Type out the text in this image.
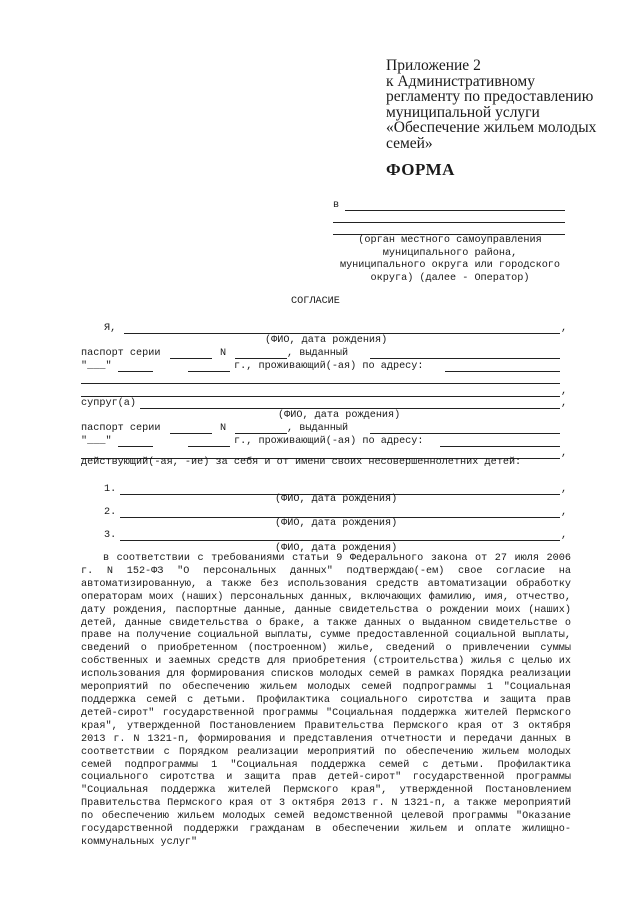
Приложение 2
к Административному
регламенту по предоставлению
муниципальной услуги
«Обеспечение жильем молодых
семей»
ФОРМА
в
(орган местного самоуправления
муниципального района,
муниципального округа или городского
округа) (далее - Оператор)
СОГЛАСИЕ
Я,	,
(ФИО, дата рождения)
паспорт серии	N	, выданный
"___"	г., проживающий(-ая) по адресу:
,
супруг(а)	,
(ФИО, дата рождения)
паспорт серии	N	, выданный
"___"	г., проживающий(-ая) по адресу:
,
действующий(-ая, -ие) за себя и от имени своих несовершеннолетних детей:
1.	,
(ФИО, дата рождения)
2.	,
(ФИО, дата рождения)
3.	,
(ФИО, дата рождения)
в соответствии с требованиями статьи 9 Федерального закона от 27 июля 2006 г. N 152-ФЗ "О персональных данных" подтверждаю(-ем) свое согласие на автоматизированную, а также без использования средств автоматизации обработку операторам моих (наших) персональных данных, включающих фамилию, имя, отчество, дату рождения, паспортные данные, данные свидетельства о рождении моих (наших) детей, данные свидетельства о браке, а также данных о выданном свидетельстве о праве на получение социальной выплаты, сумме предоставленной социальной выплаты, сведений о приобретенном (построенном) жилье, сведений о привлечении суммы собственных и заемных средств для приобретения (строительства) жилья с целью их использования для формирования списков молодых семей в рамках Порядка реализации мероприятий по обеспечению жильем молодых семей подпрограммы 1 "Социальная поддержка семей с детьми. Профилактика социального сиротства и защита прав детей-сирот" государственной программы "Социальная поддержка жителей Пермского края", утвержденной Постановлением Правительства Пермского края от 3 октября 2013 г. N 1321-п, формирования и представления отчетности и передачи данных в соответствии с Порядком реализации мероприятий по обеспечению жильем молодых семей подпрограммы 1 "Социальная поддержка семей с детьми. Профилактика социального сиротства и защита прав детей-сирот" государственной программы "Социальная поддержка жителей Пермского края", утвержденной Постановлением Правительства Пермского края от 3 октября 2013 г. N 1321-п, а также мероприятий по обеспечению жильем молодых семей ведомственной целевой программы "Оказание государственной поддержки гражданам в обеспечении жильем и оплате жилищно-коммунальных услуг"
